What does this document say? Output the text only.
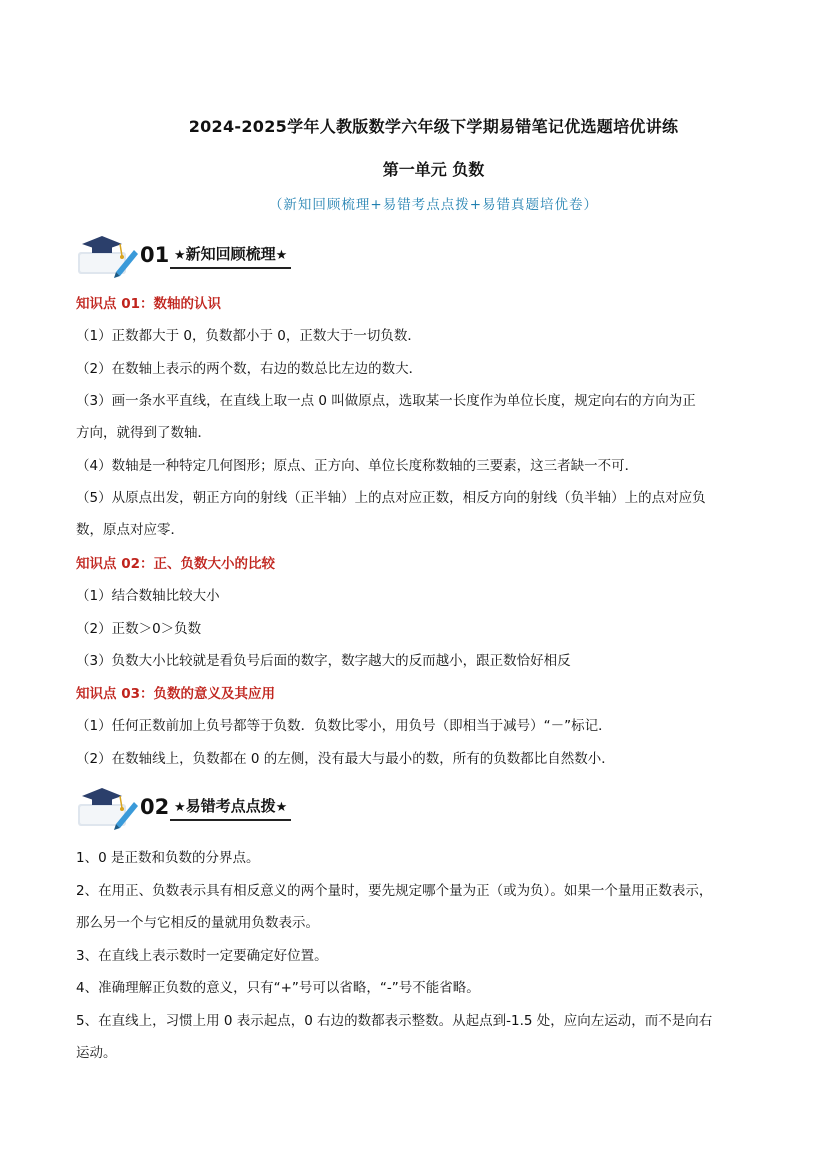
2024-2025学年人教版数学六年级下学期易错笔记优选题培优讲练
第一单元 负数
（新知回顾梳理+易错考点点拨+易错真题培优卷）
01 ★新知回顾梳理★
知识点 01：数轴的认识
（1）正数都大于 0，负数都小于 0，正数大于一切负数．
（2）在数轴上表示的两个数，右边的数总比左边的数大．
（3）画一条水平直线，在直线上取一点 0 叫做原点，选取某一长度作为单位长度，规定向右的方向为正
方向，就得到了数轴．
（4）数轴是一种特定几何图形；原点、正方向、单位长度称数轴的三要素，这三者缺一不可．
（5）从原点出发，朝正方向的射线（正半轴）上的点对应正数，相反方向的射线（负半轴）上的点对应负
数，原点对应零．
知识点 02：正、负数大小的比较
（1）结合数轴比较大小
（2）正数＞0＞负数
（3）负数大小比较就是看负号后面的数字，数字越大的反而越小，跟正数恰好相反
知识点 03：负数的意义及其应用
（1）任何正数前加上负号都等于负数．负数比零小，用负号（即相当于减号）“－”标记．
（2）在数轴线上，负数都在 0 的左侧，没有最大与最小的数，所有的负数都比自然数小．
02 ★易错考点点拨★
1、0 是正数和负数的分界点。
2、在用正、负数表示具有相反意义的两个量时，要先规定哪个量为正（或为负）。如果一个量用正数表示，
那么另一个与它相反的量就用负数表示。
3、在直线上表示数时一定要确定好位置。
4、准确理解正负数的意义，只有“+”号可以省略，“-”号不能省略。
5、在直线上，习惯上用 0 表示起点，0 右边的数都表示整数。从起点到-1.5 处，应向左运动，而不是向右
运动。
